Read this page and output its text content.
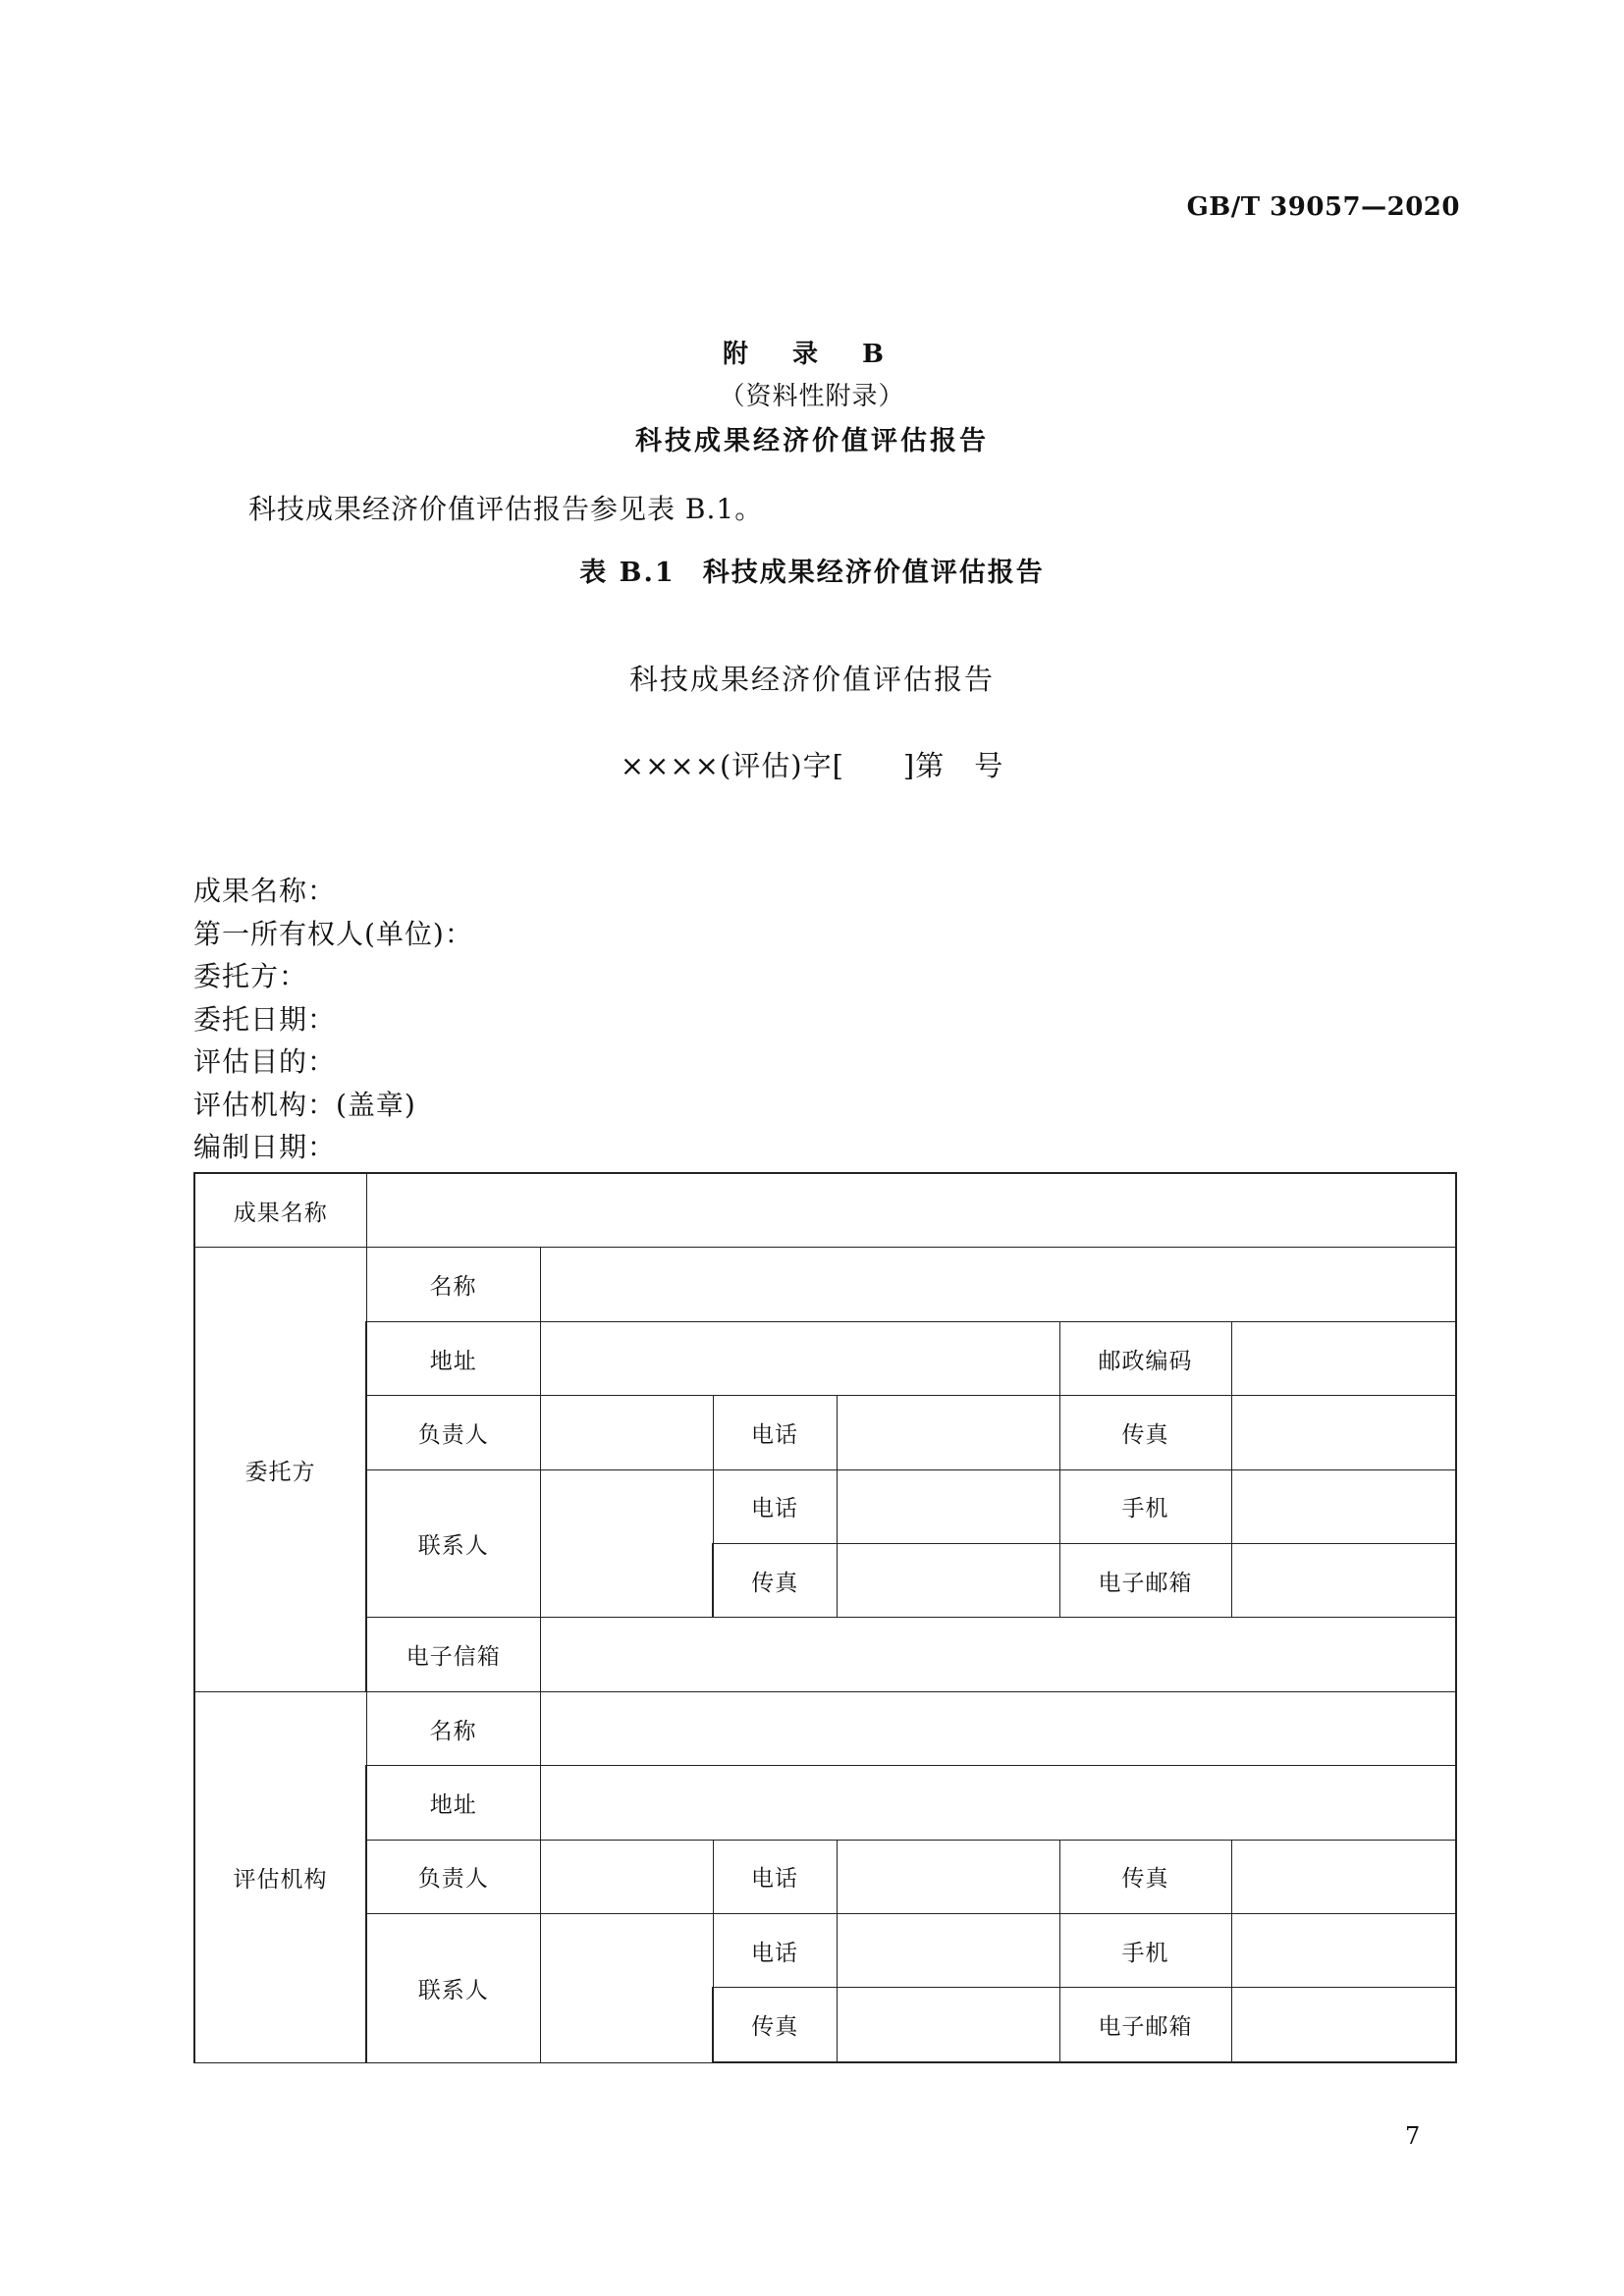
GB/T 39057—2020
附 录 B
（资料性附录）
科技成果经济价值评估报告
科技成果经济价值评估报告参见表 B.1。
表 B.1 科技成果经济价值评估报告
科技成果经济价值评估报告
××××(评估)字[　　]第　号
成果名称：
第一所有权人(单位)：
委托方：
委托日期：
评估目的：
评估机构：(盖章)
编制日期：
成果名称						
委托方	名称					
	地址				邮政编码	
	负责人		电话		传真	
	联系人		电话		手机	
			传真		电子邮箱	
	电子信箱					
评估机构	名称					
	地址					
	负责人		电话		传真	
	联系人		电话		手机	
			传真		电子邮箱	
7
